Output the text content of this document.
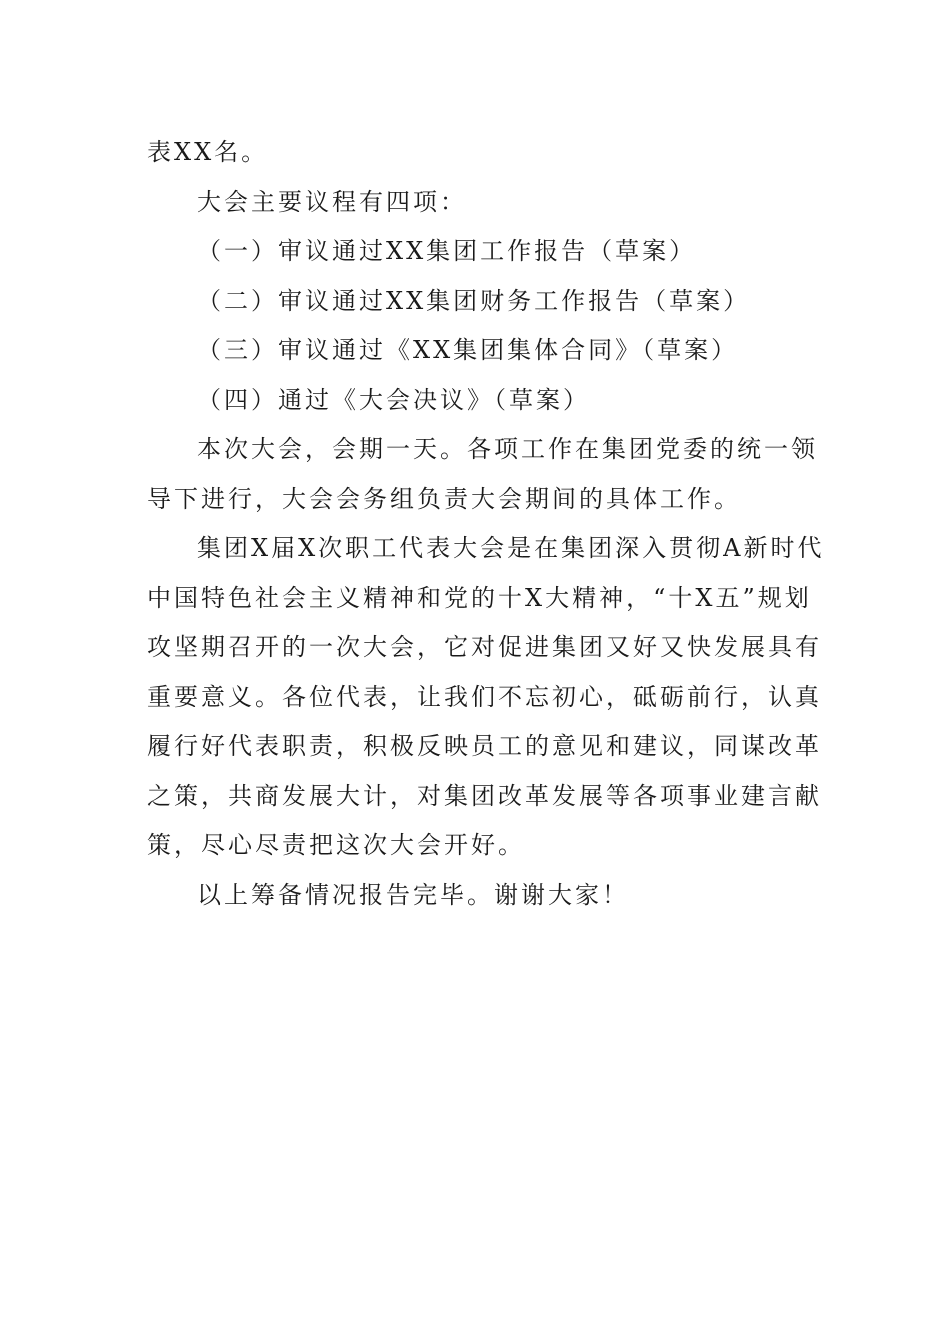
表XX名。
大会主要议程有四项：
（一）审议通过XX集团工作报告（草案）
（二）审议通过XX集团财务工作报告（草案）
（三）审议通过《XX集团集体合同》（草案）
（四）通过《大会决议》（草案）
本次大会，会期一天。各项工作在集团党委的统一领
导下进行，大会会务组负责大会期间的具体工作。
集团X届X次职工代表大会是在集团深入贯彻A新时代
中国特色社会主义精神和党的十X大精神，“十X五”规划
攻坚期召开的一次大会，它对促进集团又好又快发展具有
重要意义。各位代表，让我们不忘初心，砥砺前行，认真
履行好代表职责，积极反映员工的意见和建议，同谋改革
之策，共商发展大计，对集团改革发展等各项事业建言献
策，尽心尽责把这次大会开好。
以上筹备情况报告完毕。谢谢大家！
